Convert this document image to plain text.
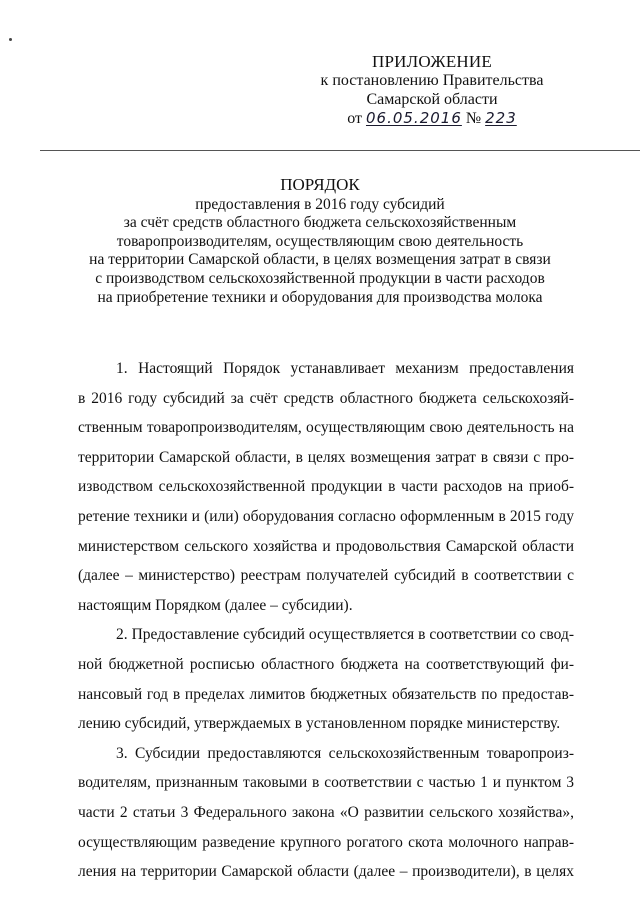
ПРИЛОЖЕНИЕ
к постановлению Правительства
Самарской области
от 06.05.2016 № 223
ПОРЯДОК
предоставления в 2016 году субсидий
за счёт средств областного бюджета сельскохозяйственным
товаропроизводителям, осуществляющим свою деятельность
на территории Самарской области, в целях возмещения затрат в связи
с производством сельскохозяйственной продукции в части расходов
на приобретение техники и оборудования для производства молока
1. Настоящий Порядок устанавливает механизм предоставления
в 2016 году субсидий за счёт средств областного бюджета сельскохозяй-
ственным товаропроизводителям, осуществляющим свою деятельность на
территории Самарской области, в целях возмещения затрат в связи с про-
изводством сельскохозяйственной продукции в части расходов на приоб-
ретение техники и (или) оборудования согласно оформленным в 2015 году
министерством сельского хозяйства и продовольствия Самарской области
(далее – министерство) реестрам получателей субсидий в соответствии с
настоящим Порядком (далее – субсидии).
2. Предоставление субсидий осуществляется в соответствии со свод-
ной бюджетной росписью областного бюджета на соответствующий фи-
нансовый год в пределах лимитов бюджетных обязательств по предостав-
лению субсидий, утверждаемых в установленном порядке министерству.
3. Субсидии предоставляются сельскохозяйственным товаропроиз-
водителям, признанным таковыми в соответствии с частью 1 и пунктом 3
части 2 статьи 3 Федерального закона «О развитии сельского хозяйства»,
осуществляющим разведение крупного рогатого скота молочного направ-
ления на территории Самарской области (далее – производители), в целях
